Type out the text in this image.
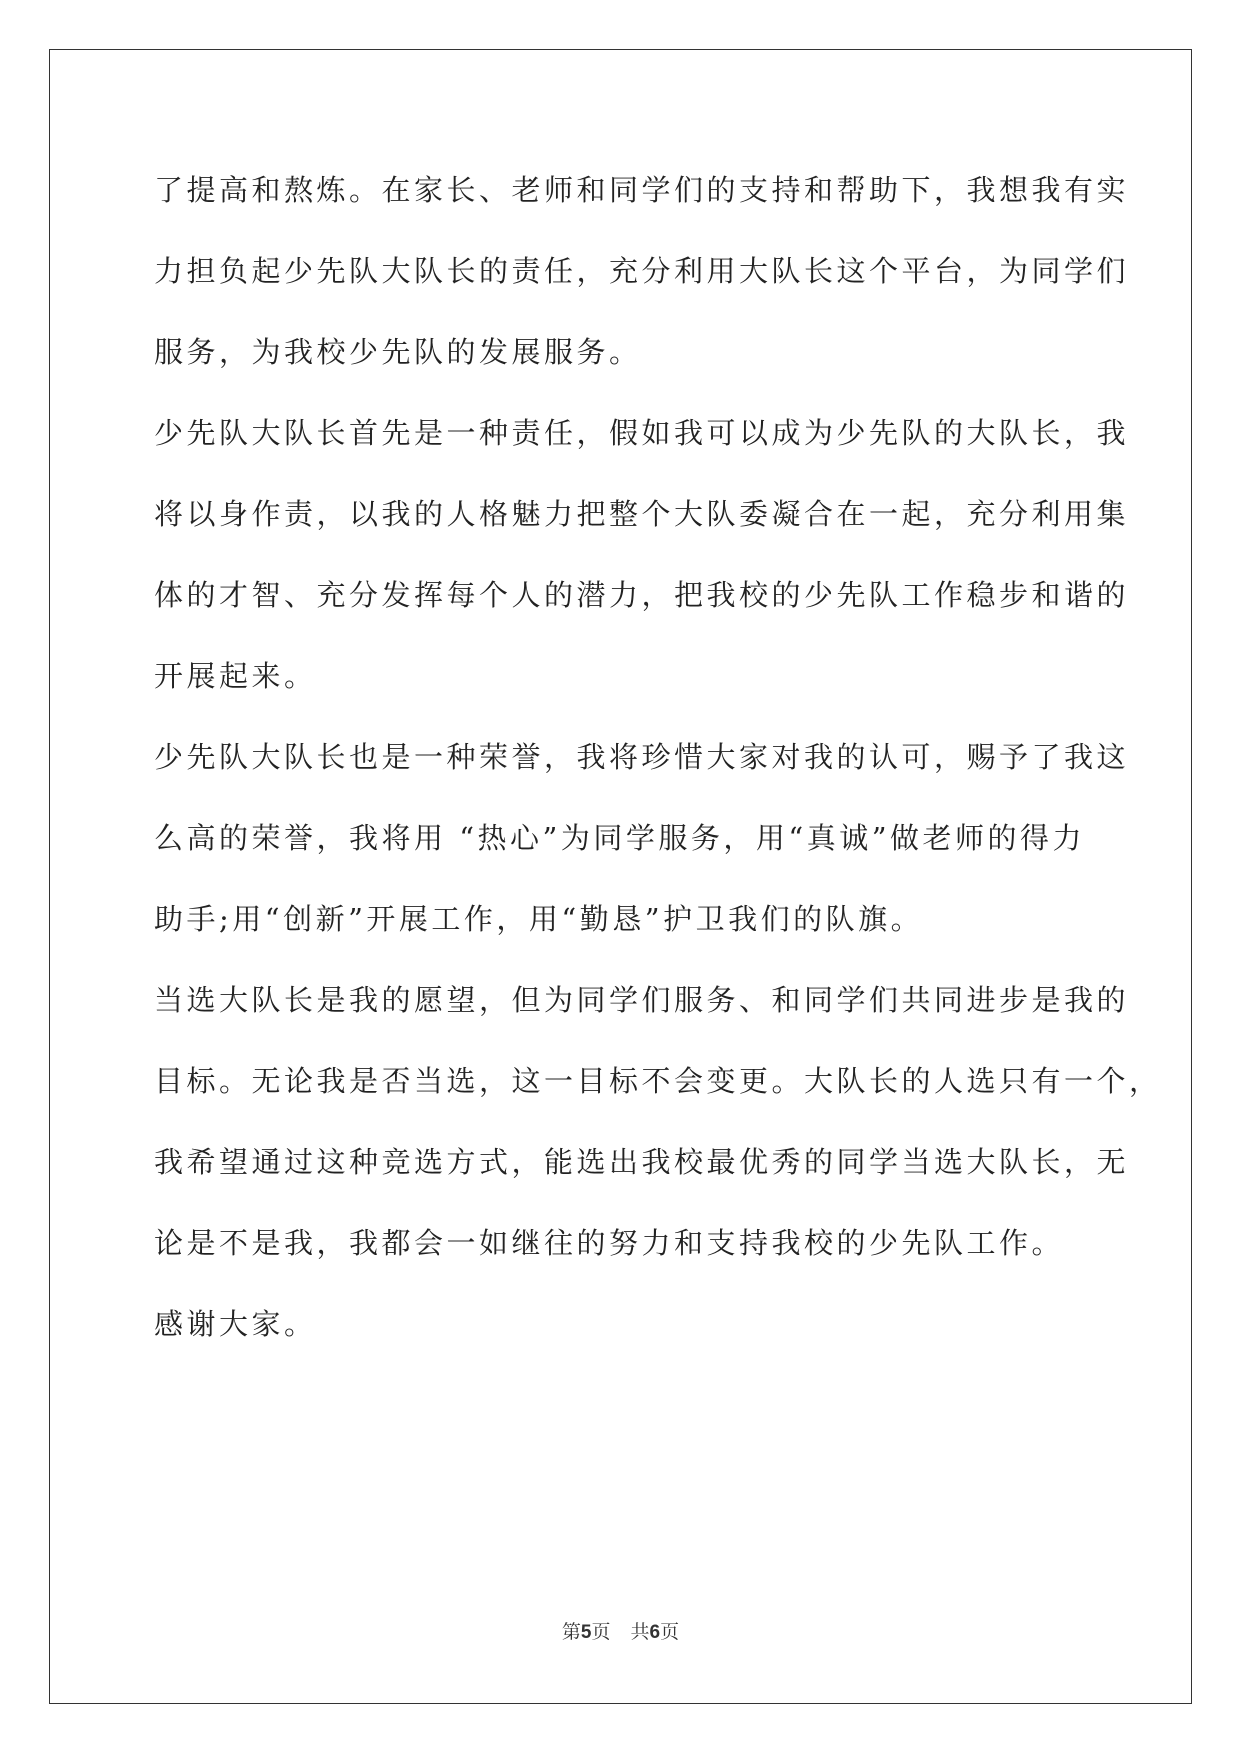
了提高和熬炼。在家长、老师和同学们的支持和帮助下，我想我有实
力担负起少先队大队长的责任，充分利用大队长这个平台，为同学们
服务，为我校少先队的发展服务。
少先队大队长首先是一种责任，假如我可以成为少先队的大队长，我
将以身作责，以我的人格魅力把整个大队委凝合在一起，充分利用集
体的才智、充分发挥每个人的潜力，把我校的少先队工作稳步和谐的
开展起来。
少先队大队长也是一种荣誉，我将珍惜大家对我的认可，赐予了我这
么高的荣誉，我将用 “热心”为同学服务，用“真诚”做老师的得力
助手;用“创新”开展工作，用“勤恳”护卫我们的队旗。
当选大队长是我的愿望，但为同学们服务、和同学们共同进步是我的
目标。无论我是否当选，这一目标不会变更。大队长的人选只有一个，
我希望通过这种竞选方式，能选出我校最优秀的同学当选大队长，无
论是不是我，我都会一如继往的努力和支持我校的少先队工作。
感谢大家。
第5页 共6页
